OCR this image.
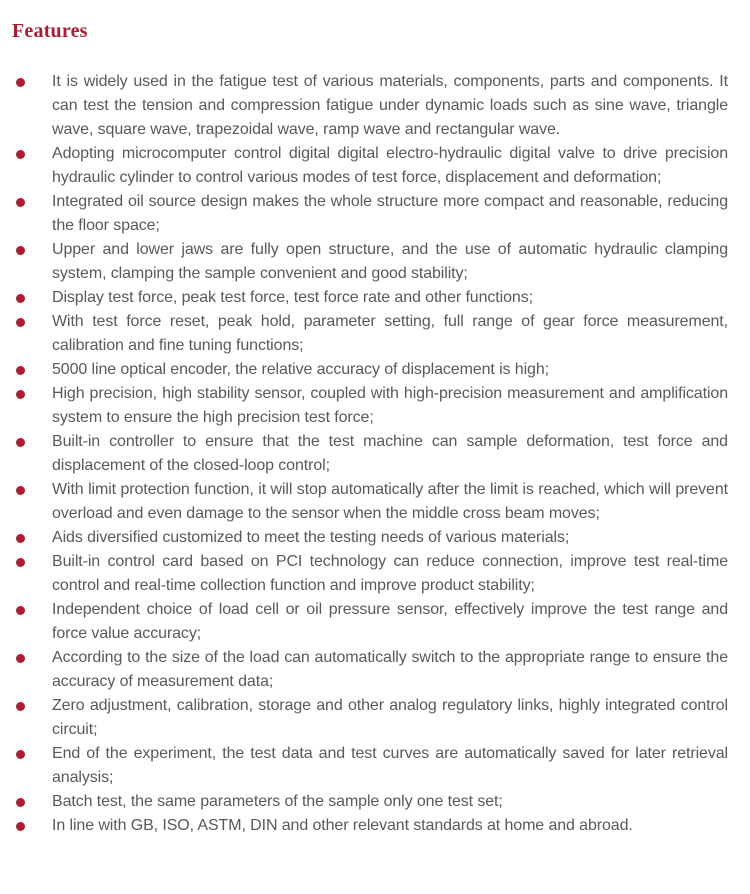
Features
It is widely used in the fatigue test of various materials, components, parts and components. It can test the tension and compression fatigue under dynamic loads such as sine wave, triangle wave, square wave, trapezoidal wave, ramp wave and rectangular wave.
Adopting microcomputer control digital digital electro-hydraulic digital valve to drive precision hydraulic cylinder to control various modes of test force, displacement and deformation;
Integrated oil source design makes the whole structure more compact and reasonable, reducing the floor space;
Upper and lower jaws are fully open structure, and the use of automatic hydraulic clamping system, clamping the sample convenient and good stability;
Display test force, peak test force, test force rate and other functions;
With test force reset, peak hold, parameter setting, full range of gear force measurement, calibration and fine tuning functions;
5000 line optical encoder, the relative accuracy of displacement is high;
High precision, high stability sensor, coupled with high-precision measurement and amplification system to ensure the high precision test force;
Built-in controller to ensure that the test machine can sample deformation, test force and displacement of the closed-loop control;
With limit protection function, it will stop automatically after the limit is reached, which will prevent overload and even damage to the sensor when the middle cross beam moves;
Aids diversified customized to meet the testing needs of various materials;
Built-in control card based on PCI technology can reduce connection, improve test real-time control and real-time collection function and improve product stability;
Independent choice of load cell or oil pressure sensor, effectively improve the test range and force value accuracy;
According to the size of the load can automatically switch to the appropriate range to ensure the accuracy of measurement data;
Zero adjustment, calibration, storage and other analog regulatory links, highly integrated control circuit;
End of the experiment, the test data and test curves are automatically saved for later retrieval analysis;
Batch test, the same parameters of the sample only one test set;
In line with GB, ISO, ASTM, DIN and other relevant standards at home and abroad.
